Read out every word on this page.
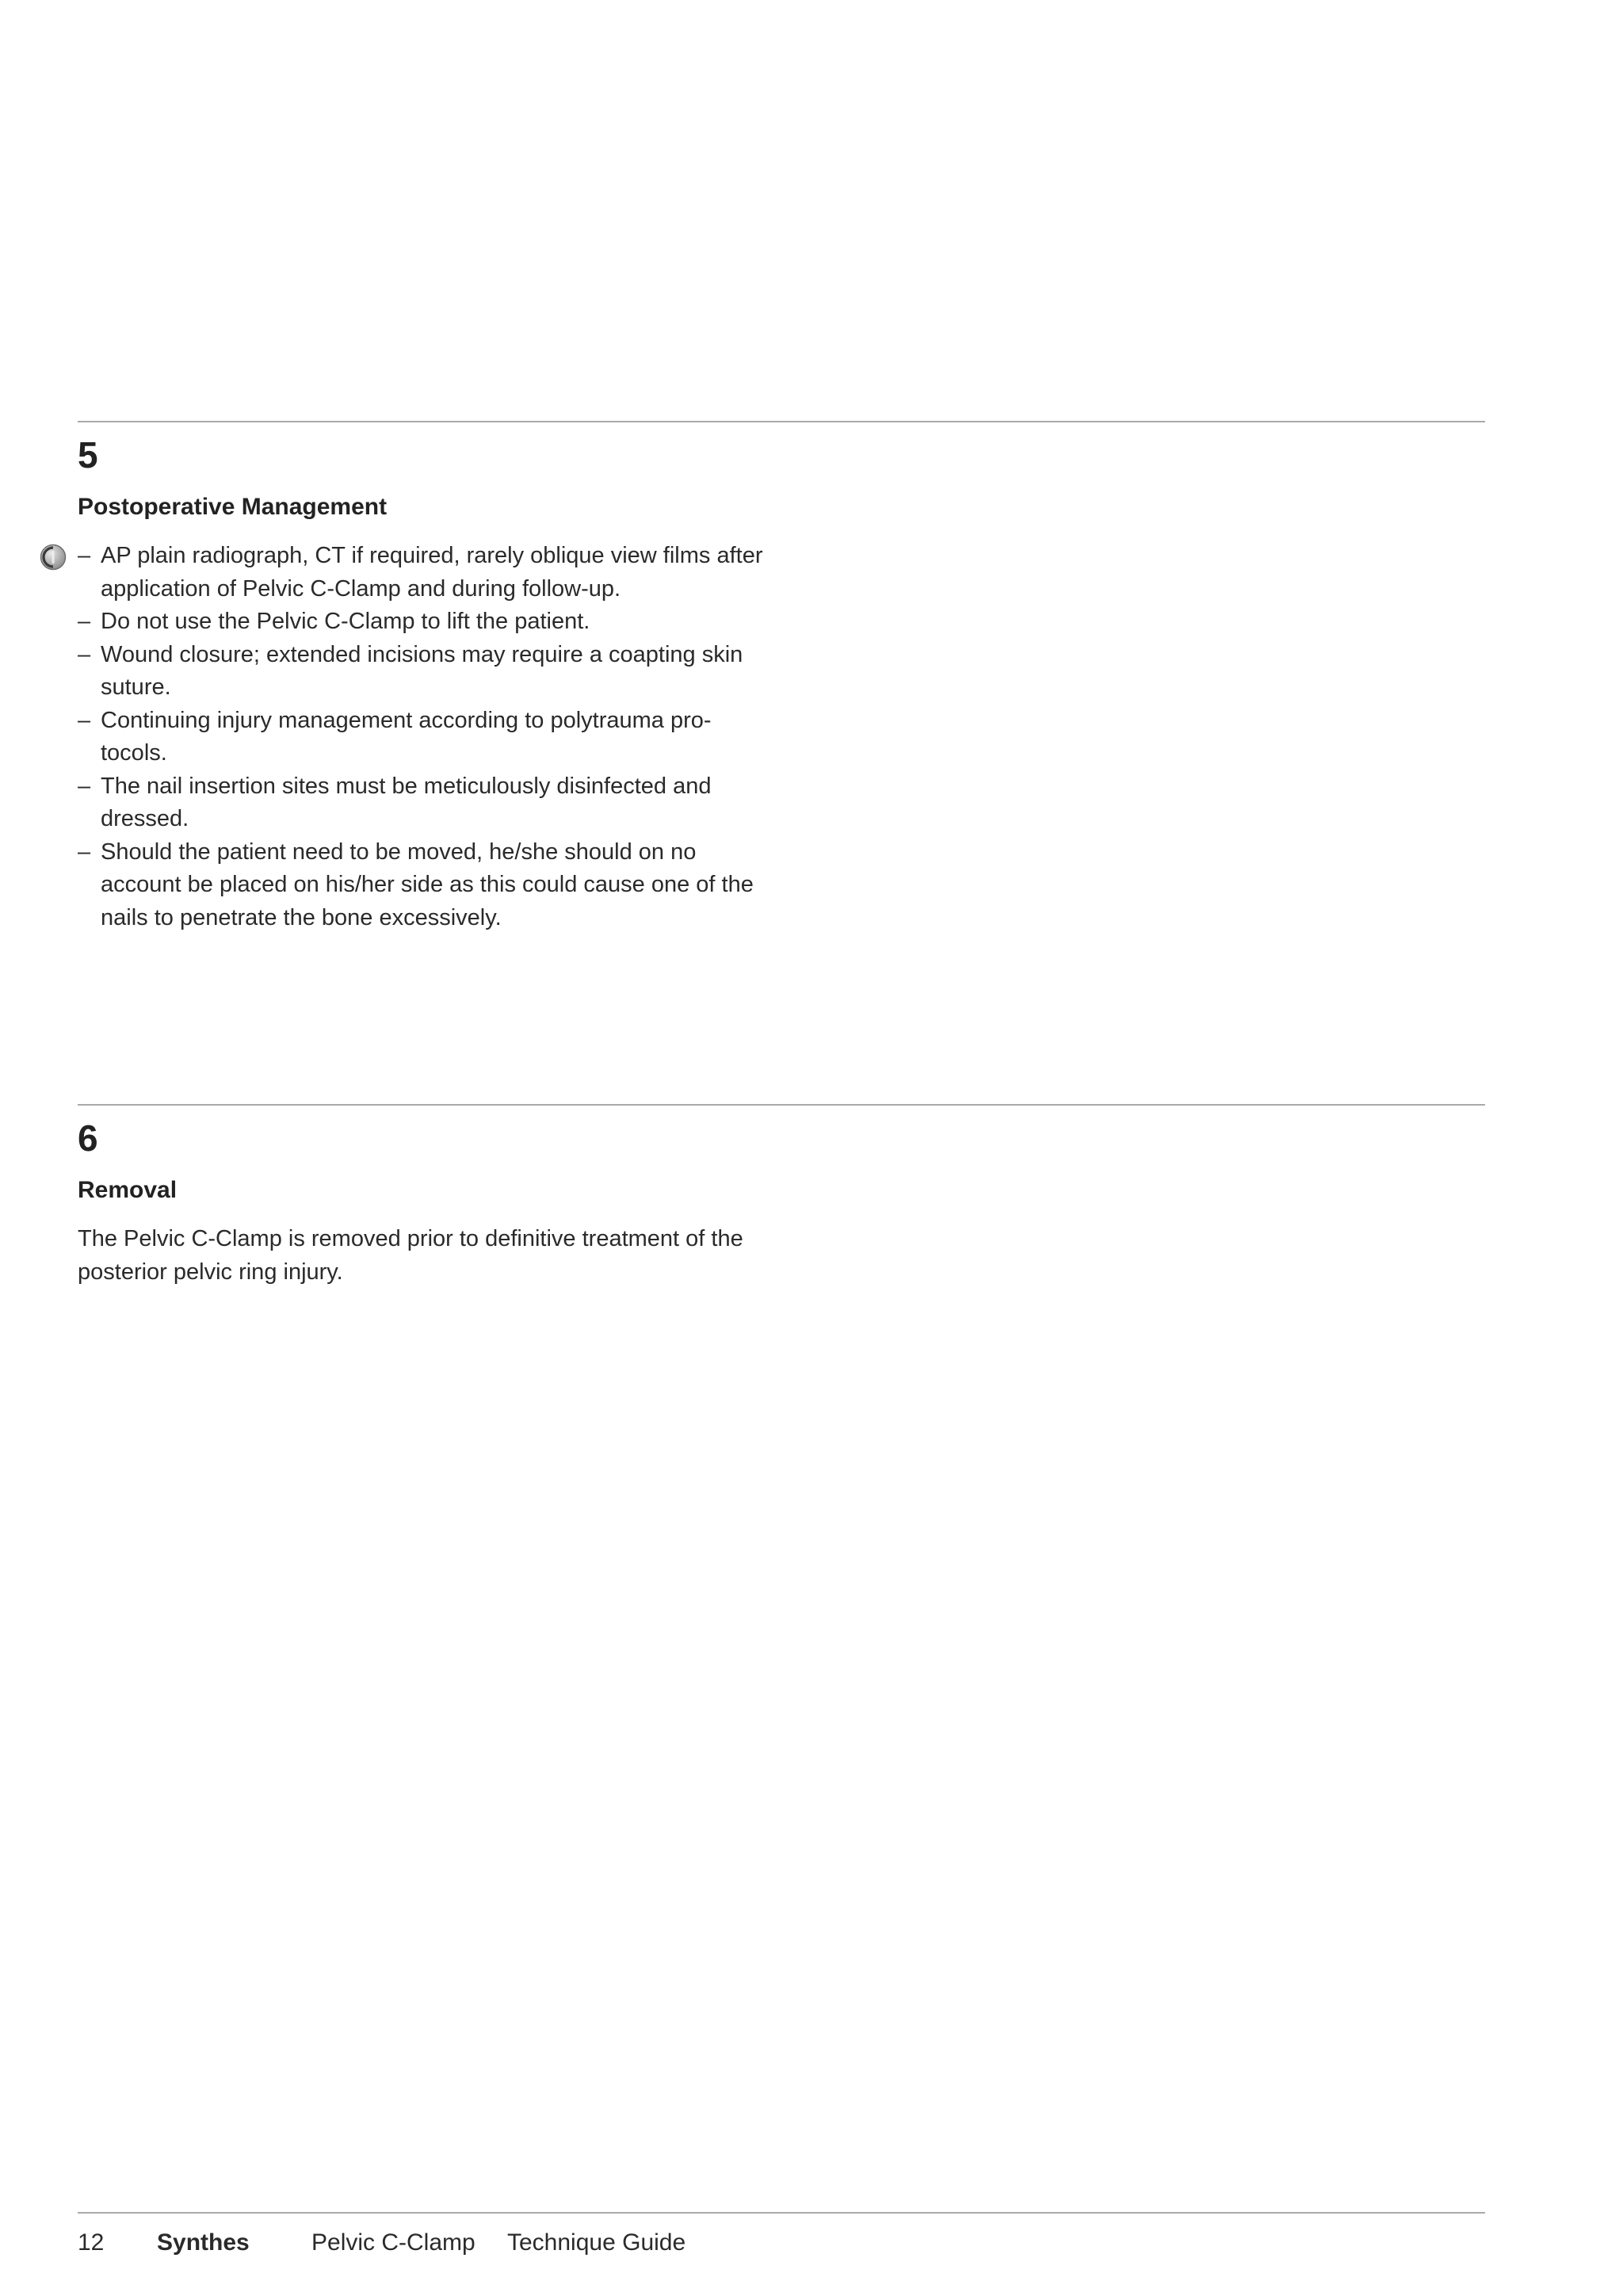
5
Postoperative Management
– AP plain radiograph, CT if required, rarely oblique view films after application of Pelvic C-Clamp and during follow-up.
– Do not use the Pelvic C-Clamp to lift the patient.
– Wound closure; extended incisions may require a coapting skin suture.
– Continuing injury management according to polytrauma pro-tocols.
– The nail insertion sites must be meticulously disinfected and dressed.
– Should the patient need to be moved, he/she should on no account be placed on his/her side as this could cause one of the nails to penetrate the bone excessively.
6
Removal
The Pelvic C-Clamp is removed prior to definitive treatment of the posterior pelvic ring injury.
12 Synthes	Pelvic C-Clamp Technique Guide
